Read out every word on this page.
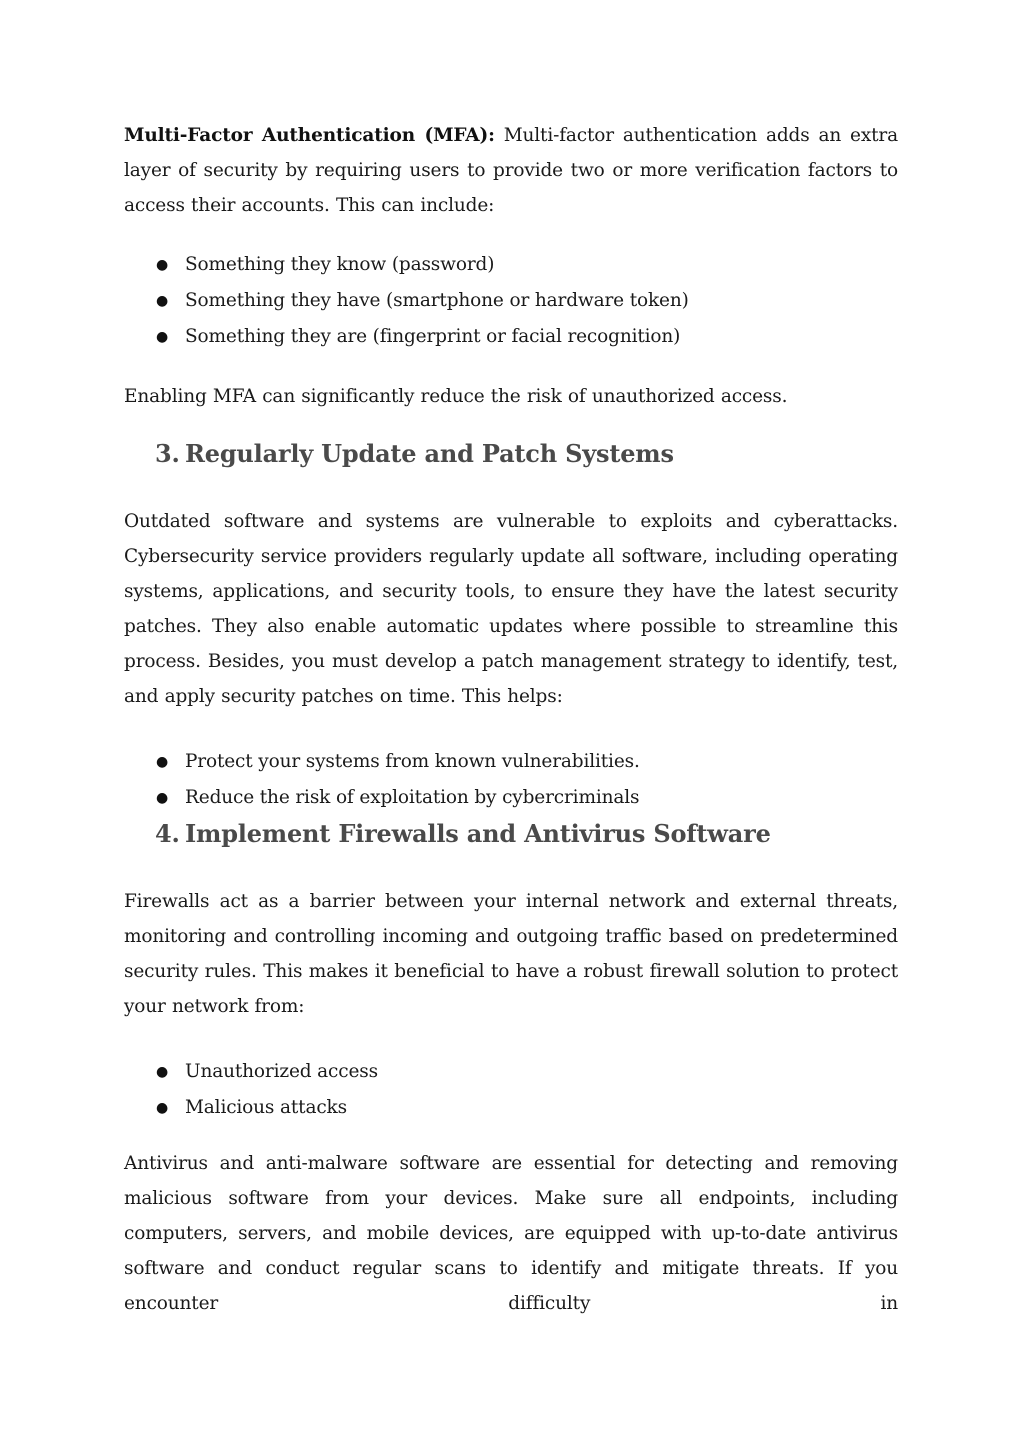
Multi-Factor Authentication (MFA): Multi-factor authentication adds an extra layer of security by requiring users to provide two or more verification factors to access their accounts. This can include:

● Something they know (password)
● Something they have (smartphone or hardware token)
● Something they are (fingerprint or facial recognition)

Enabling MFA can significantly reduce the risk of unauthorized access.

3. Regularly Update and Patch Systems

Outdated software and systems are vulnerable to exploits and cyberattacks. Cybersecurity service providers regularly update all software, including operating systems, applications, and security tools, to ensure they have the latest security patches. They also enable automatic updates where possible to streamline this process. Besides, you must develop a patch management strategy to identify, test, and apply security patches on time. This helps:

● Protect your systems from known vulnerabilities.
● Reduce the risk of exploitation by cybercriminals
4. Implement Firewalls and Antivirus Software

Firewalls act as a barrier between your internal network and external threats, monitoring and controlling incoming and outgoing traffic based on predetermined security rules. This makes it beneficial to have a robust firewall solution to protect your network from:

● Unauthorized access
● Malicious attacks

Antivirus and anti-malware software are essential for detecting and removing malicious software from your devices. Make sure all endpoints, including computers, servers, and mobile devices, are equipped with up-to-date antivirus software and conduct regular scans to identify and mitigate threats. If you encounter difficulty in
